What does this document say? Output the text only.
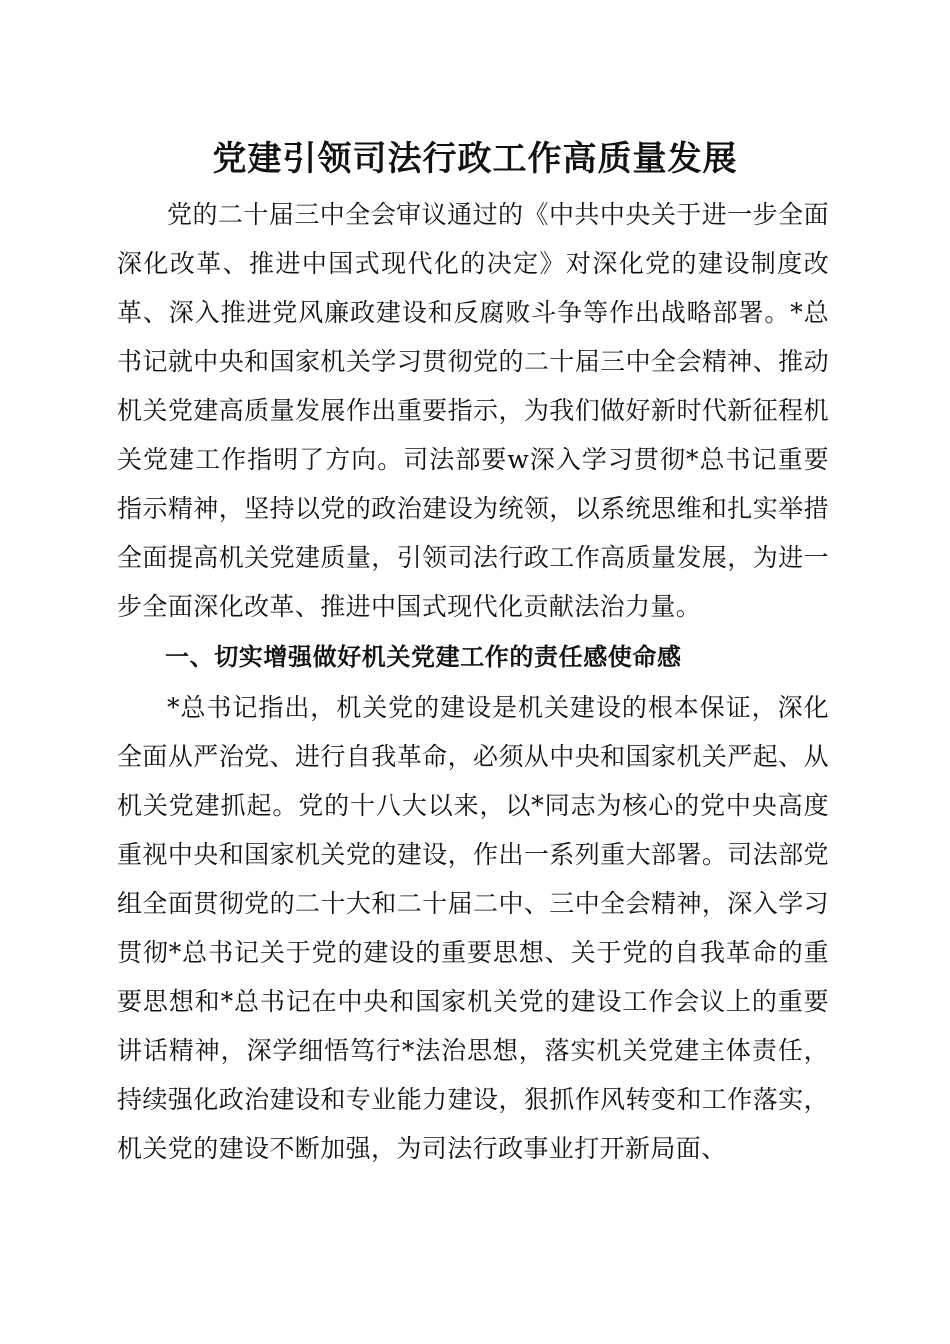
党建引领司法行政工作高质量发展

党的二十届三中全会审议通过的《中共中央关于进一步全面深化改革、推进中国式现代化的决定》对深化党的建设制度改革、深入推进党风廉政建设和反腐败斗争等作出战略部署。*总书记就中央和国家机关学习贯彻党的二十届三中全会精神、推动机关党建高质量发展作出重要指示，为我们做好新时代新征程机关党建工作指明了方向。司法部要w深入学习贯彻*总书记重要指示精神，坚持以党的政治建设为统领，以系统思维和扎实举措全面提高机关党建质量，引领司法行政工作高质量发展，为进一步全面深化改革、推进中国式现代化贡献法治力量。

一、切实增强做好机关党建工作的责任感使命感

*总书记指出，机关党的建设是机关建设的根本保证，深化全面从严治党、进行自我革命，必须从中央和国家机关严起、从机关党建抓起。党的十八大以来，以*同志为核心的党中央高度重视中央和国家机关党的建设，作出一系列重大部署。司法部党组全面贯彻党的二十大和二十届二中、三中全会精神，深入学习贯彻*总书记关于党的建设的重要思想、关于党的自我革命的重要思想和*总书记在中央和国家机关党的建设工作会议上的重要讲话精神，深学细悟笃行*法治思想，落实机关党建主体责任，持续强化政治建设和专业能力建设，狠抓作风转变和工作落实，机关党的建设不断加强，为司法行政事业打开新局面、
